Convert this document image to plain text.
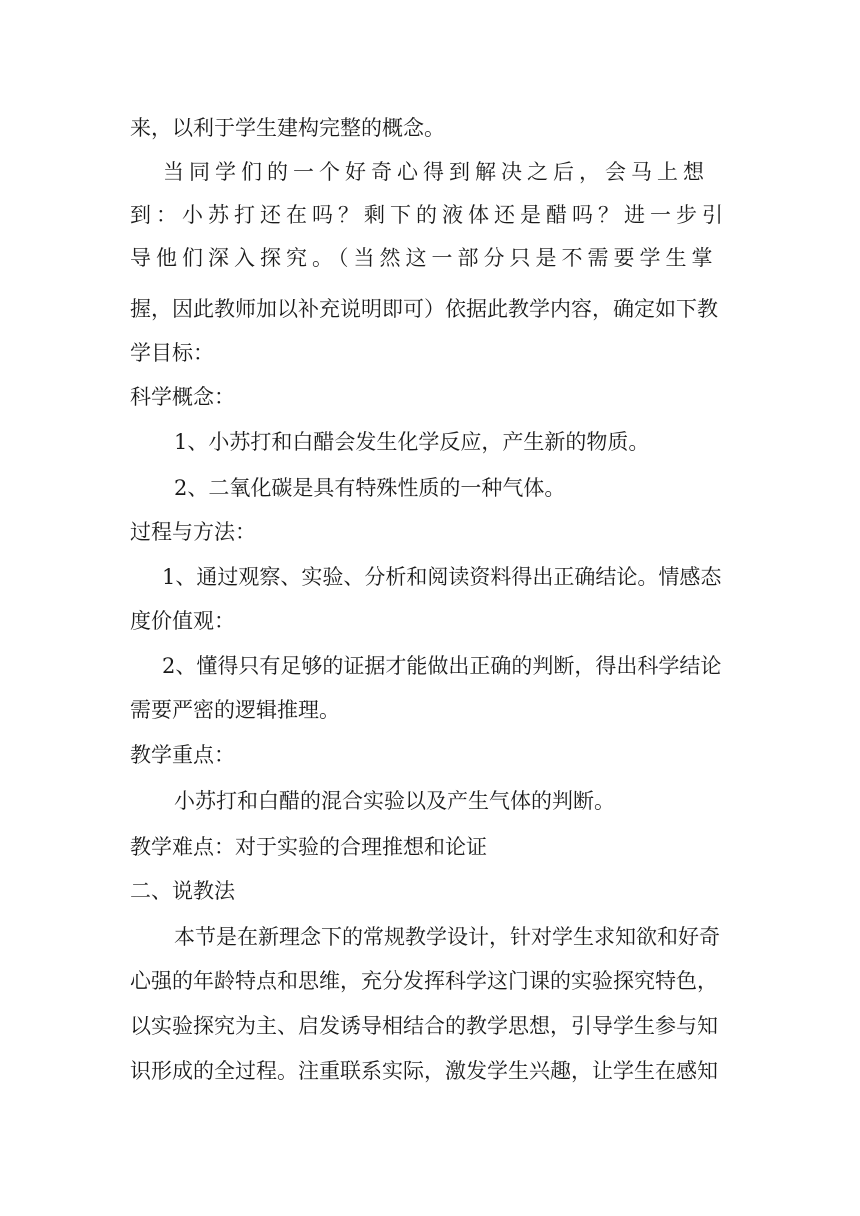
来，以利于学生建构完整的概念。
当同学们的一个好奇心得到解决之后，会马上想
到：小苏打还在吗？剩下的液体还是醋吗？进一步引
导他们深入探究。（当然这一部分只是不需要学生掌
握，因此教师加以补充说明即可）依据此教学内容，确定如下教
学目标：
科学概念：
1、小苏打和白醋会发生化学反应，产生新的物质。
2、二氧化碳是具有特殊性质的一种气体。
过程与方法：
1、通过观察、实验、分析和阅读资料得出正确结论。情感态
度价值观：
2、懂得只有足够的证据才能做出正确的判断，得出科学结论
需要严密的逻辑推理。
教学重点：
小苏打和白醋的混合实验以及产生气体的判断。
教学难点：对于实验的合理推想和论证
二、说教法
本节是在新理念下的常规教学设计，针对学生求知欲和好奇
心强的年龄特点和思维，充分发挥科学这门课的实验探究特色，
以实验探究为主、启发诱导相结合的教学思想，引导学生参与知
识形成的全过程。注重联系实际，激发学生兴趣，让学生在感知
